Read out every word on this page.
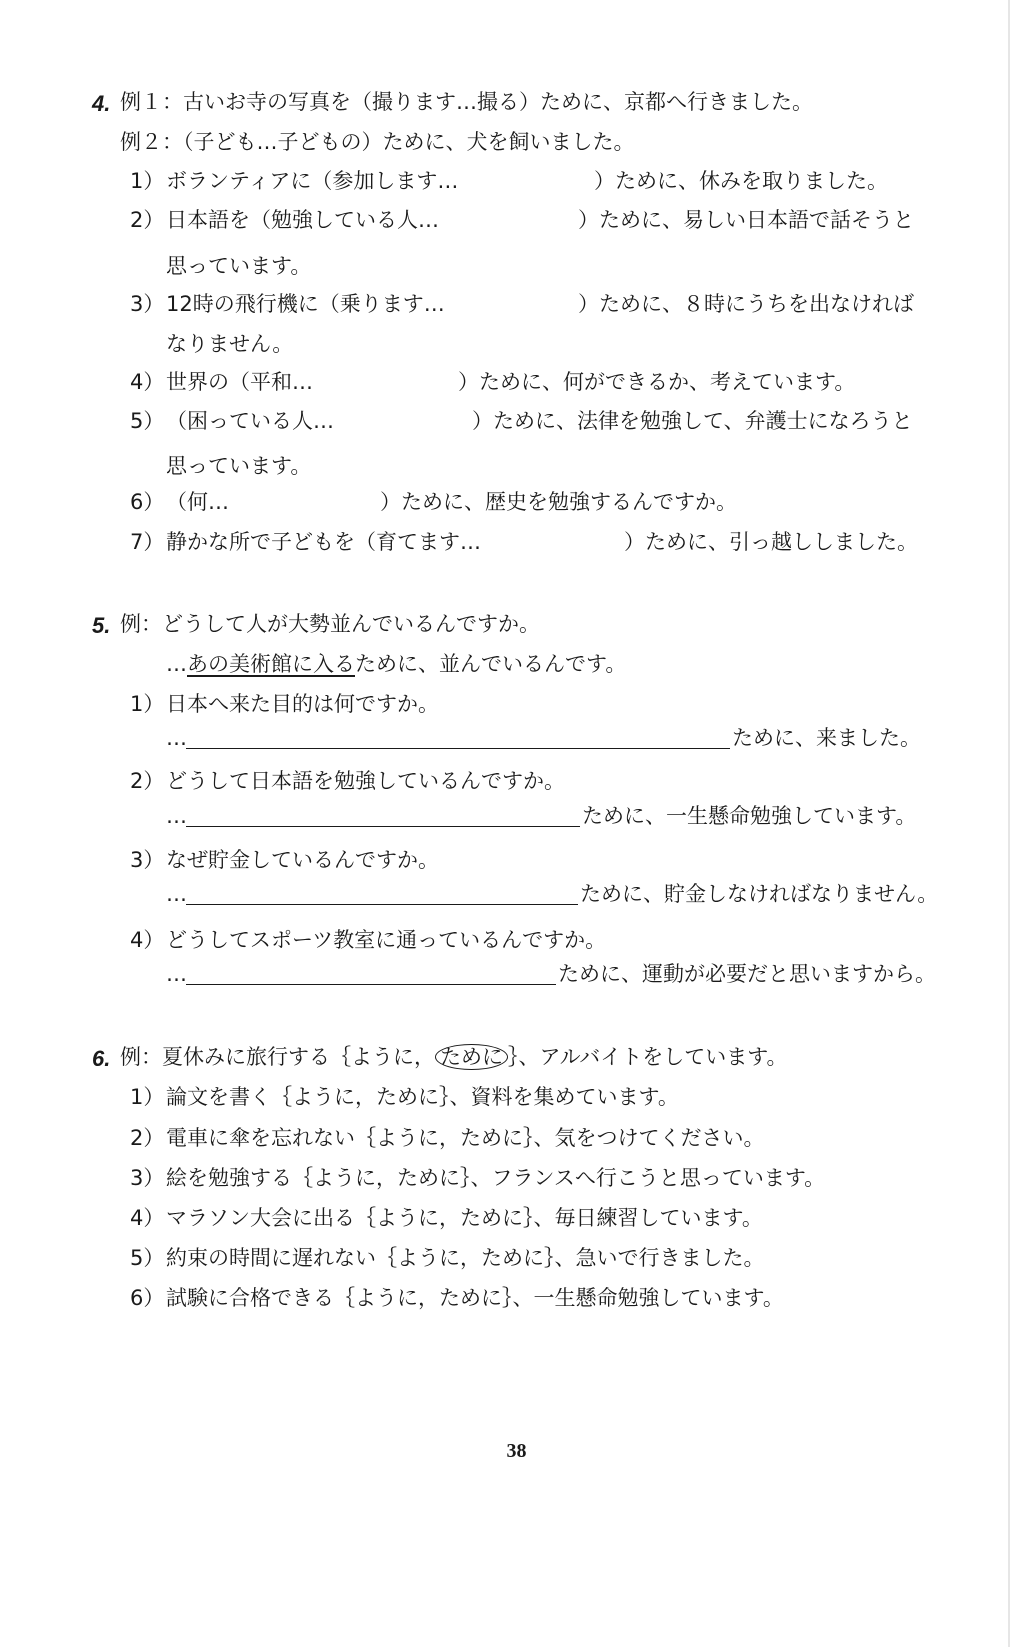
4. 例１：古いお寺の写真を（撮ります…撮る）ために、京都へ行きました。
例２：（子ども…子どもの）ために、犬を飼いました。
1） ボランティアに（参加します…	）ために、休みを取りました。
2） 日本語を（勉強している人…	）ために、易しい日本語で話そうと
思っています。
3） 12時の飛行機に（乗ります…	）ために、８時にうちを出なければ
なりません。
4） 世界の（平和…	）ために、何ができるか、考えています。
5） （困っている人…	）ために、法律を勉強して、弁護士になろうと
思っています。
6） （何…	）ために、歴史を勉強するんですか。
7） 静かな所で子どもを（育てます…	）ために、引っ越ししました。
5. 例：どうして人が大勢並んでいるんですか。
…あの美術館に入るために、並んでいるんです。
1） 日本へ来た目的は何ですか。
…	ために、来ました。
2） どうして日本語を勉強しているんですか。
…	ために、一生懸命勉強しています。
3） なぜ貯金しているんですか。
…	ために、貯金しなければなりません。
4） どうしてスポーツ教室に通っているんですか。
…	ために、運動が必要だと思いますから。
6. 例：夏休みに旅行する｛ように， ために ｝、アルバイトをしています。
1） 論文を書く｛ように，ために｝、資料を集めています。
2） 電車に傘を忘れない｛ように，ために｝、気をつけてください。
3） 絵を勉強する｛ように，ために｝、フランスへ行こうと思っています。
4） マラソン大会に出る｛ように，ために｝、毎日練習しています。
5） 約束の時間に遅れない｛ように，ために｝、急いで行きました。
6） 試験に合格できる｛ように，ために｝、一生懸命勉強しています。
38
